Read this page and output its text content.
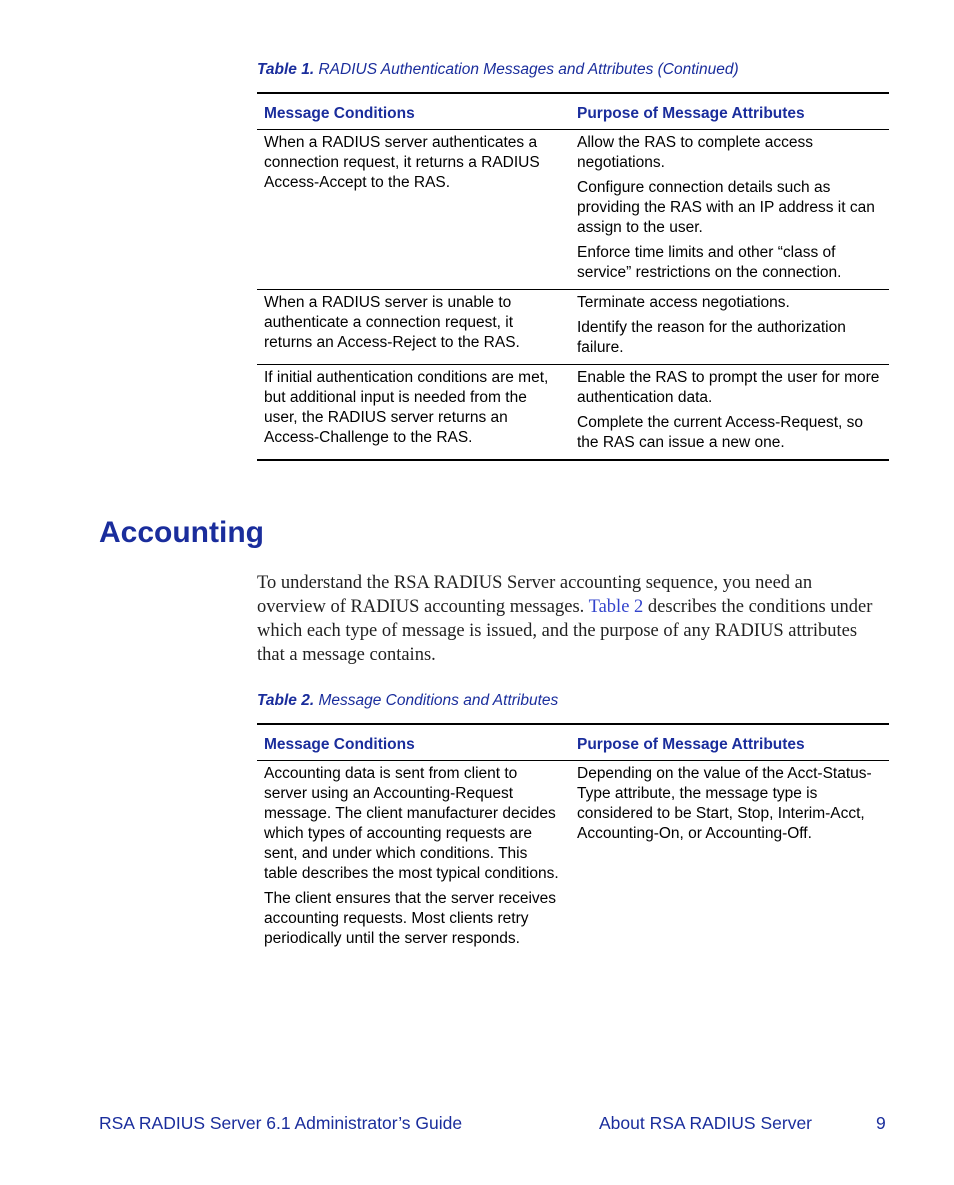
Table 1. RADIUS Authentication Messages and Attributes (Continued)
Message Conditions	Purpose of Message Attributes

When a RADIUS server authenticates a connection request, it returns a RADIUS Access-Accept to the RAS.	Allow the RAS to complete access negotiations.

Configure connection details such as providing the RAS with an IP address it can assign to the user.

Enforce time limits and other “class of service” restrictions on the connection.

When a RADIUS server is unable to authenticate a connection request, it returns an Access-Reject to the RAS.	Terminate access negotiations.

Identify the reason for the authorization failure.

If initial authentication conditions are met, but additional input is needed from the user, the RADIUS server returns an Access-Challenge to the RAS.	Enable the RAS to prompt the user for more authentication data.

Complete the current Access-Request, so the RAS can issue a new one.

Accounting

To understand the RSA RADIUS Server accounting sequence, you need an overview of RADIUS accounting messages. Table 2 describes the conditions under which each type of message is issued, and the purpose of any RADIUS attributes that a message contains.

Table 2. Message Conditions and Attributes
Message Conditions	Purpose of Message Attributes

Accounting data is sent from client to server using an Accounting-Request message. The client manufacturer decides which types of accounting requests are sent, and under which conditions. This table describes the most typical conditions.

The client ensures that the server receives accounting requests. Most clients retry periodically until the server responds.	Depending on the value of the Acct-Status-Type attribute, the message type is considered to be Start, Stop, Interim-Acct, Accounting-On, or Accounting-Off.

RSA RADIUS Server 6.1 Administrator’s Guide	About RSA RADIUS Server	9
